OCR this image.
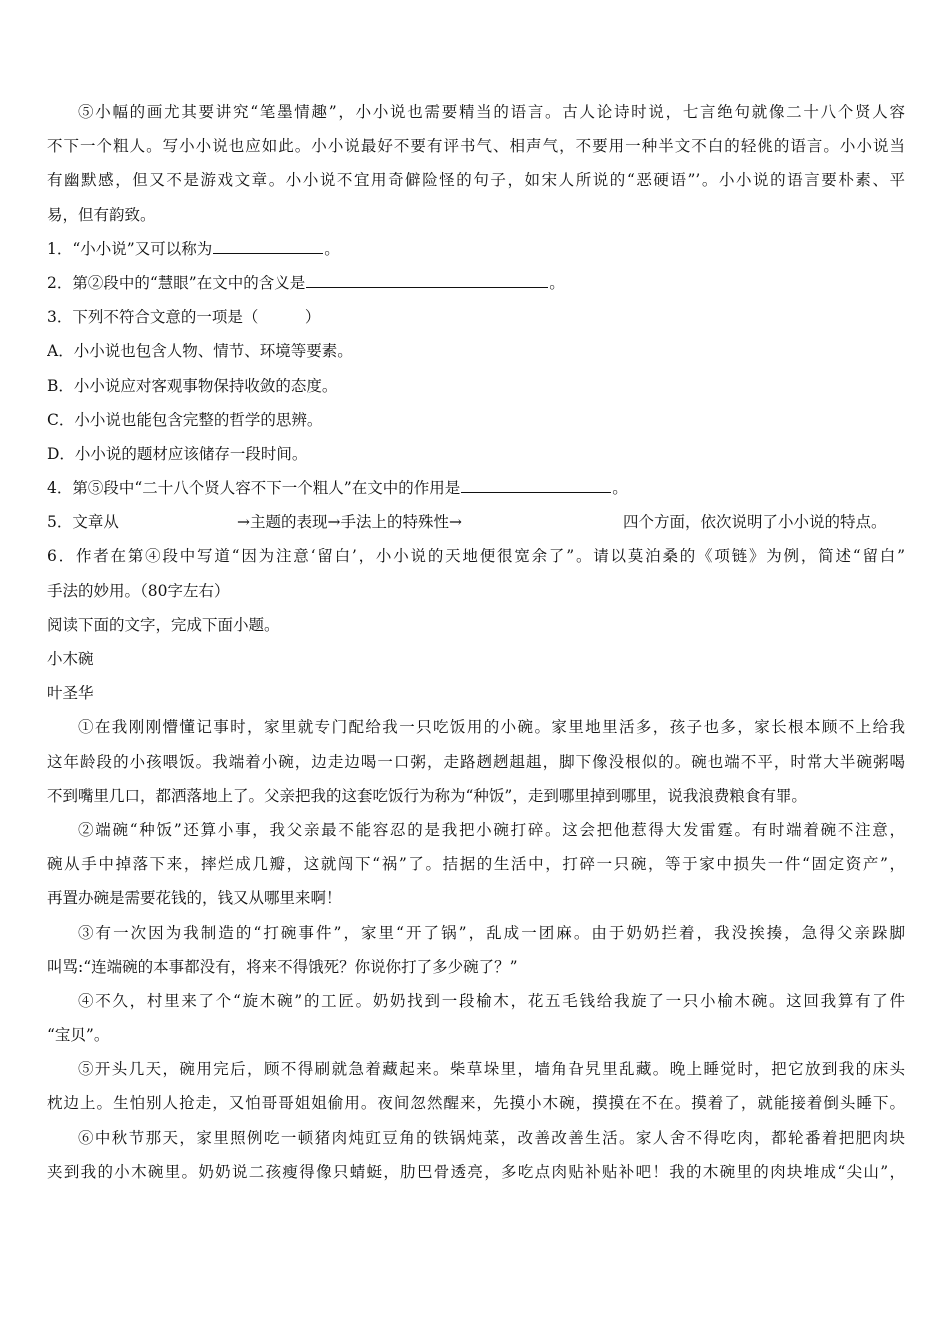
⑤小幅的画尤其要讲究“笔墨情趣”，小小说也需要精当的语言。古人论诗时说，七言绝句就像二十八个贤人容
不下一个粗人。写小小说也应如此。小小说最好不要有评书气、相声气，不要用一种半文不白的轻佻的语言。小小说当
有幽默感，但又不是游戏文章。小小说不宜用奇僻险怪的句子，如宋人所说的“恶硬语”’。小小说的语言要朴素、平
易，但有韵致。
1．“小小说”又可以称为	。
2．第②段中的“慧眼”在文中的含义是	。
3．下列不符合文意的一项是（　　　）
A．小小说也包含人物、情节、环境等要素。
B．小小说应对客观事物保持收敛的态度。
C．小小说也能包含完整的哲学的思辨。
D．小小说的题材应该储存一段时间。
4．第⑤段中“二十八个贤人容不下一个粗人”在文中的作用是	。
5．文章从	→主题的表现→手法上的特殊性→	四个方面，依次说明了小小说的特点。
6．作者在第④段中写道“因为注意‘留白’，小小说的天地便很宽余了”。请以莫泊桑的《项链》为例，简述“留白”
手法的妙用。（80字左右）
阅读下面的文字，完成下面小题。
小木碗
叶圣华
①在我刚刚懵懂记事时，家里就专门配给我一只吃饭用的小碗。家里地里活多，孩子也多，家长根本顾不上给我
这年龄段的小孩喂饭。我端着小碗，边走边喝一口粥，走路趔趔趄趄，脚下像没根似的。碗也端不平，时常大半碗粥喝
不到嘴里几口，都洒落地上了。父亲把我的这套吃饭行为称为“种饭”，走到哪里掉到哪里，说我浪费粮食有罪。
②端碗“种饭”还算小事，我父亲最不能容忍的是我把小碗打碎。这会把他惹得大发雷霆。有时端着碗不注意，
碗从手中掉落下来，摔烂成几瓣，这就闯下“祸”了。拮据的生活中，打碎一只碗，等于家中损失一件“固定资产”，
再置办碗是需要花钱的，钱又从哪里来啊！
③有一次因为我制造的“打碗事件”，家里“开了锅”，乱成一团麻。由于奶奶拦着，我没挨揍，急得父亲跺脚
叫骂:“连端碗的本事都没有，将来不得饿死？你说你打了多少碗了？”
④不久，村里来了个“旋木碗”的工匠。奶奶找到一段榆木，花五毛钱给我旋了一只小榆木碗。这回我算有了件
“宝贝”。
⑤开头几天，碗用完后，顾不得刷就急着藏起来。柴草垛里，墙角旮旯里乱藏。晚上睡觉时，把它放到我的床头
枕边上。生怕别人抢走，又怕哥哥姐姐偷用。夜间忽然醒来，先摸小木碗，摸摸在不在。摸着了，就能接着倒头睡下。
⑥中秋节那天，家里照例吃一顿猪肉炖豇豆角的铁锅炖菜，改善改善生活。家人舍不得吃肉，都轮番着把肥肉块
夹到我的小木碗里。奶奶说二孩瘦得像只蜻蜓，肋巴骨透亮，多吃点肉贴补贴补吧！我的木碗里的肉块堆成“尖山”，
